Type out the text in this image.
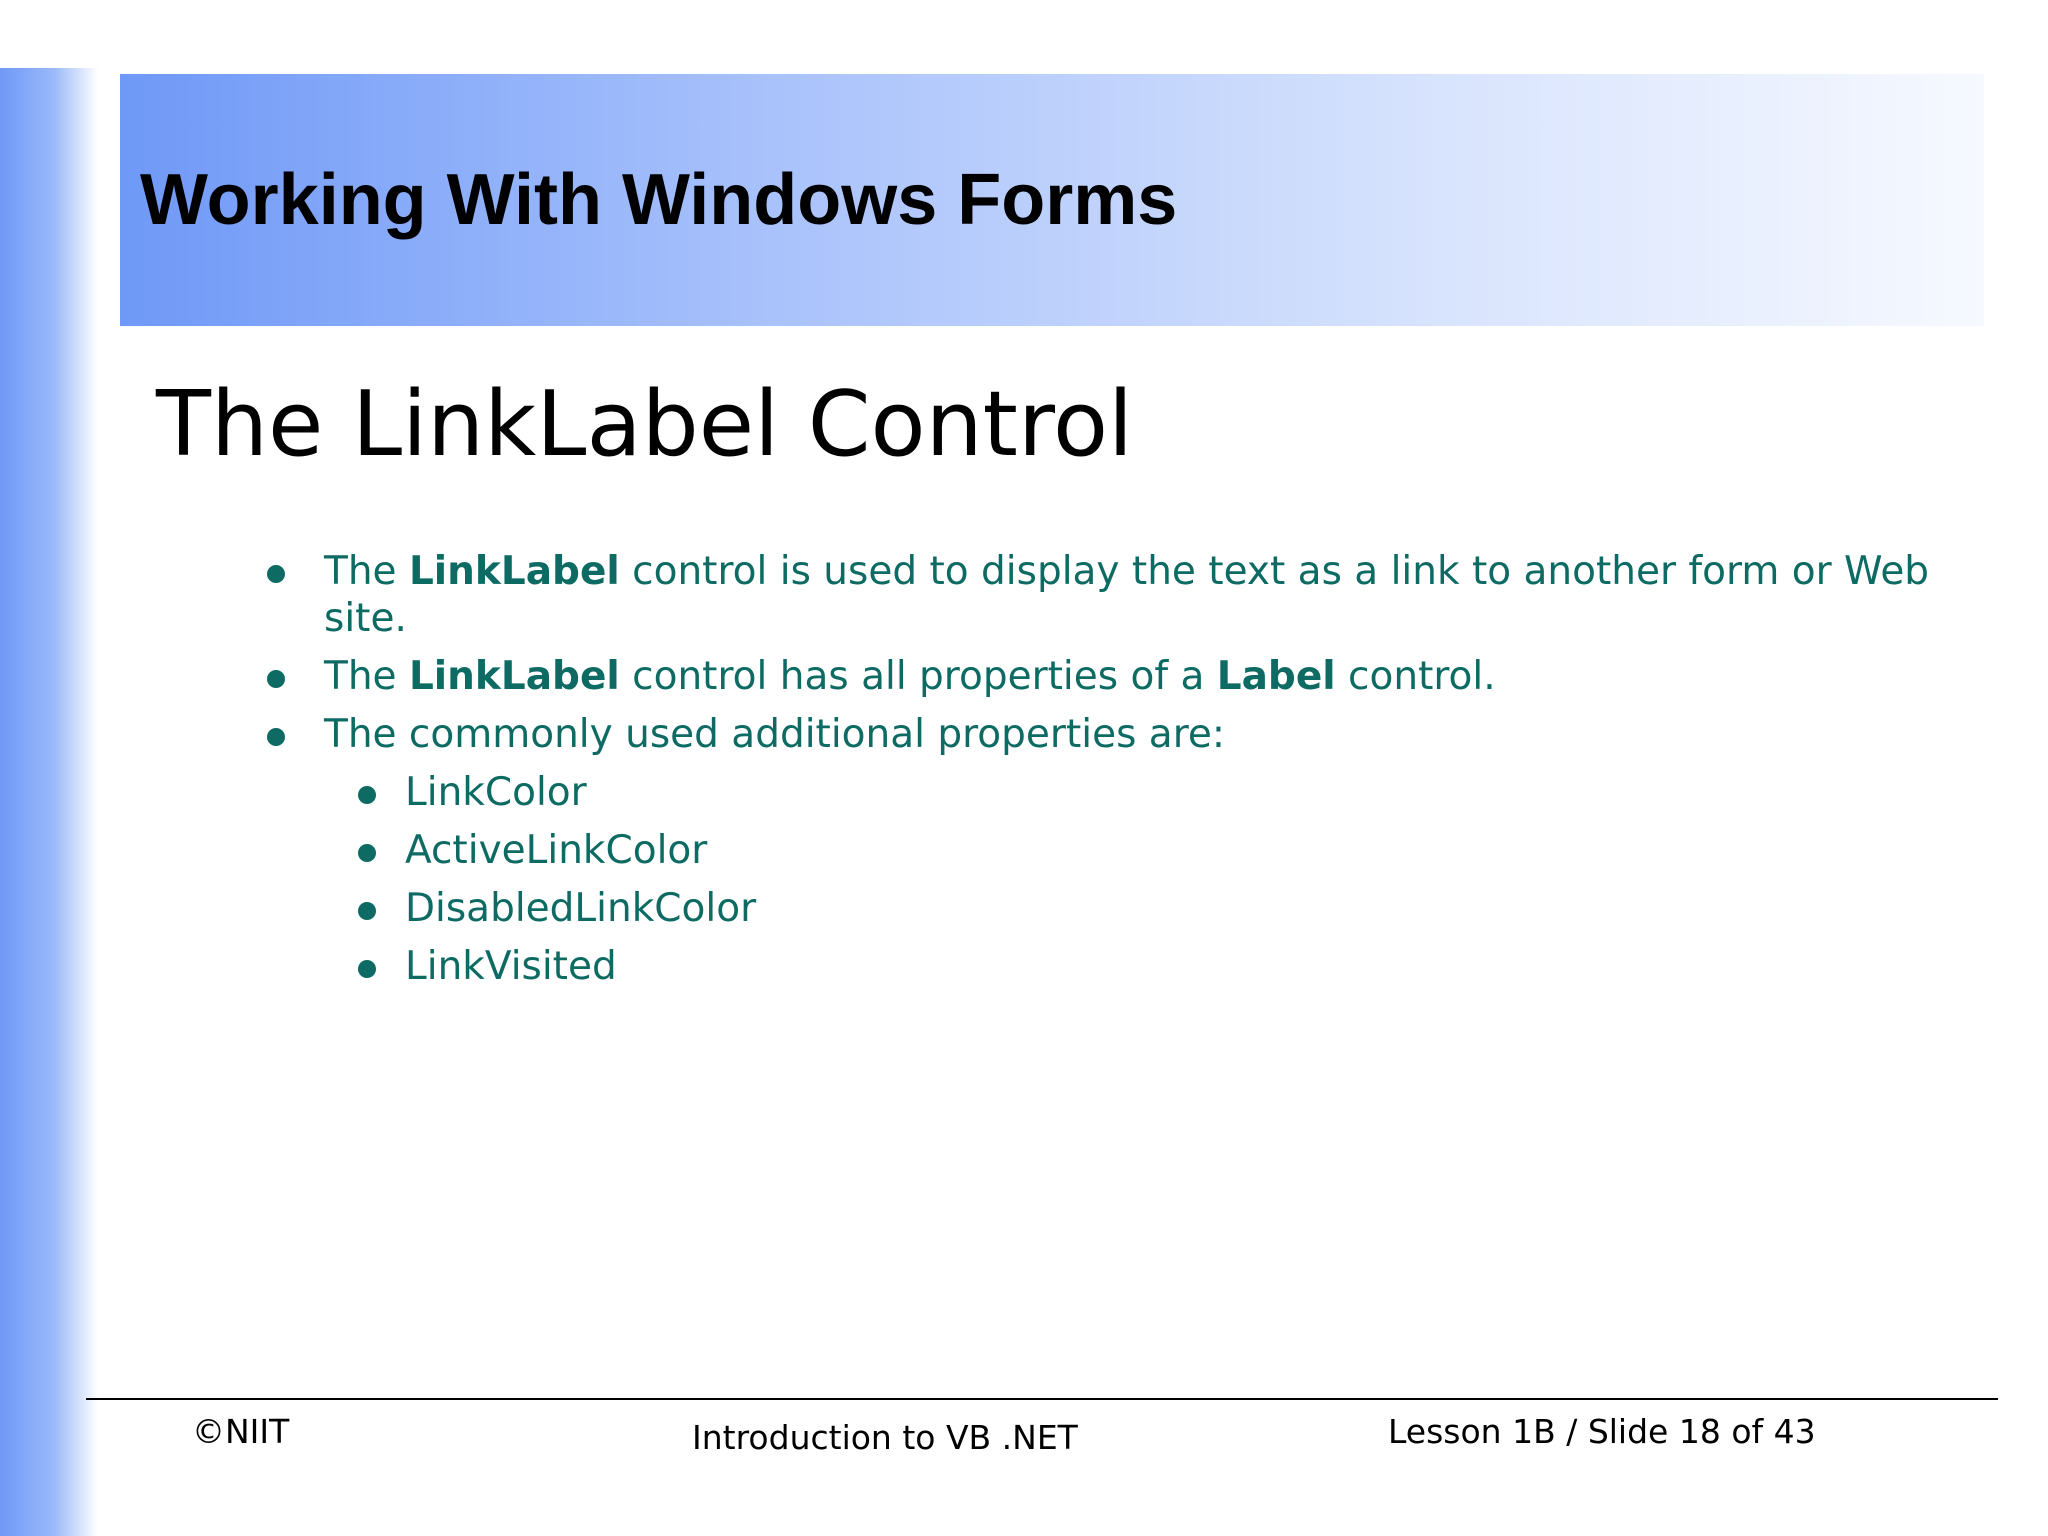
Working With Windows Forms
The LinkLabel Control
The LinkLabel control is used to display the text as a link to another form or Web site.
The LinkLabel control has all properties of a Label control.
The commonly used additional properties are:
LinkColor
ActiveLinkColor
DisabledLinkColor
LinkVisited
©NIIT	Introduction to VB .NET	Lesson 1B / Slide 18 of 43
